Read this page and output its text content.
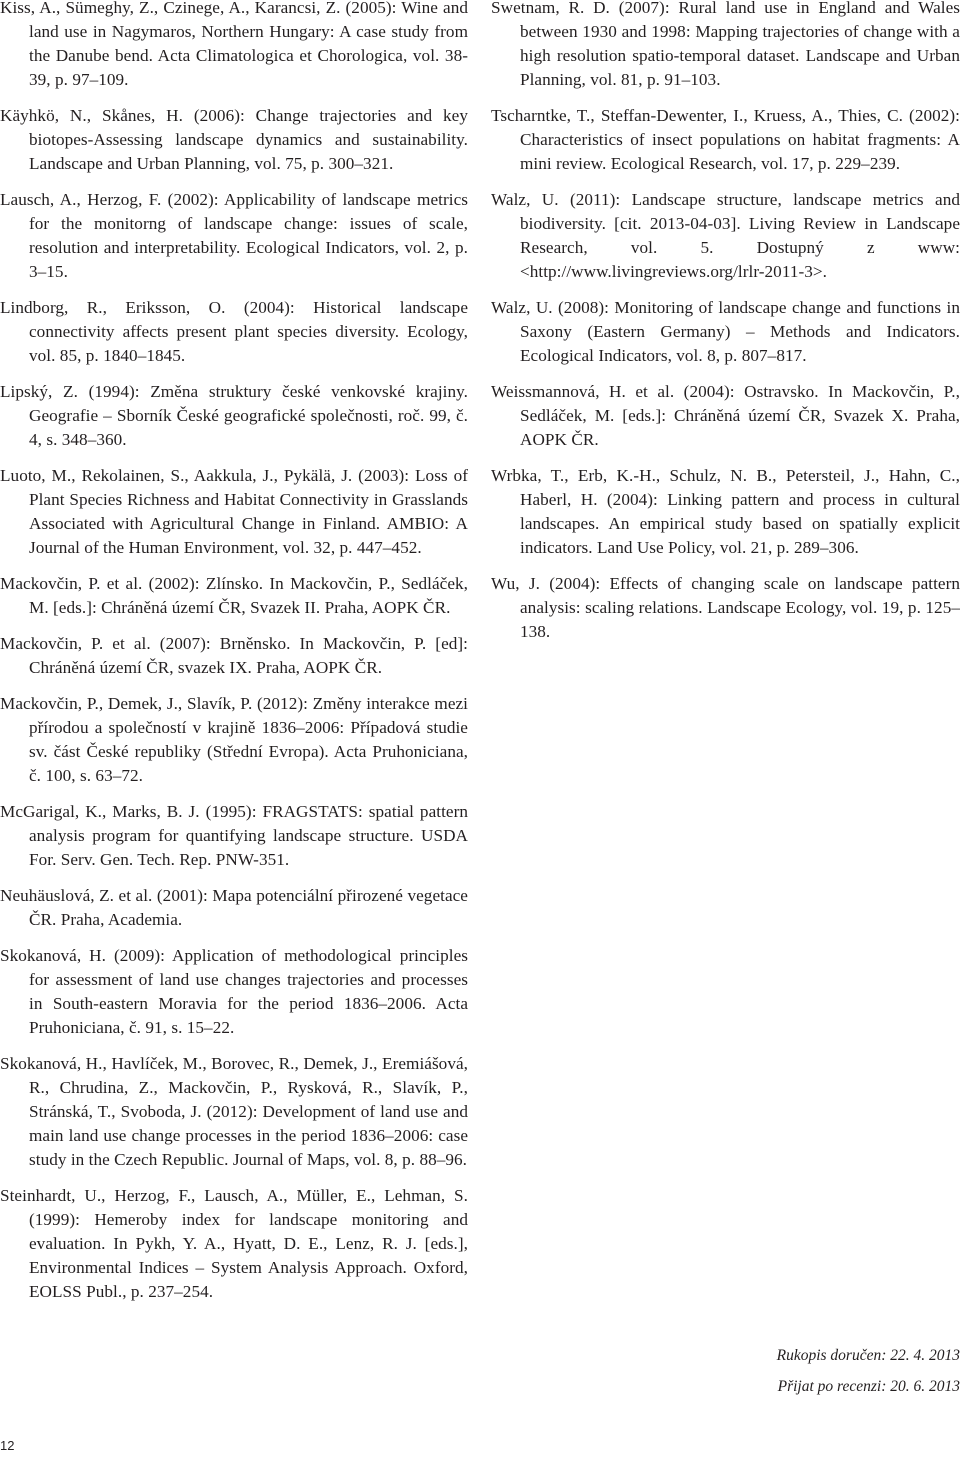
Kiss, A., Sümeghy, Z., Czinege, A., Karancsi, Z. (2005): Wine and land use in Nagymaros, Northern Hungary: A case study from the Danube bend. Acta Climatologica et Chorologica, vol. 38-39, p. 97–109.

Käyhkö, N., Skånes, H. (2006): Change trajectories and key biotopes-Assessing landscape dynamics and sustainability. Landscape and Urban Planning, vol. 75, p. 300–321.

Lausch, A., Herzog, F. (2002): Applicability of landscape metrics for the monitorng of landscape change: issues of scale, resolution and interpretability. Ecological Indicators, vol. 2, p. 3–15.

Lindborg, R., Eriksson, O. (2004): Historical landscape connectivity affects present plant species diversity. Ecology, vol. 85, p. 1840–1845.

Lipský, Z. (1994): Změna struktury české venkovské krajiny. Geografie – Sborník České geografické společnosti, roč. 99, č. 4, s. 348–360.

Luoto, M., Rekolainen, S., Aakkula, J., Pykälä, J. (2003): Loss of Plant Species Richness and Habitat Connectivity in Grasslands Associated with Agricultural Change in Finland. AMBIO: A Journal of the Human Environment, vol. 32, p. 447–452.

Mackovčin, P. et al. (2002): Zlínsko. In Mackovčin, P., Sedláček, M. [eds.]: Chráněná území ČR, Svazek II. Praha, AOPK ČR.

Mackovčin, P. et al. (2007): Brněnsko. In Mackovčin, P. [ed]: Chráněná území ČR, svazek IX. Praha, AOPK ČR.

Mackovčin, P., Demek, J., Slavík, P. (2012): Změny interakce mezi přírodou a společností v krajině 1836–2006: Případová studie sv. část České republiky (Střední Evropa). Acta Pruhoniciana, č. 100, s. 63–72.

McGarigal, K., Marks, B. J. (1995): FRAGSTATS: spatial pattern analysis program for quantifying landscape structure. USDA For. Serv. Gen. Tech. Rep. PNW-351.

Neuhäuslová, Z. et al. (2001): Mapa potenciální přirozené vegetace ČR. Praha, Academia.

Skokanová, H. (2009): Application of methodological principles for assessment of land use changes trajectories and processes in South-eastern Moravia for the period 1836–2006. Acta Pruhoniciana, č. 91, s. 15–22.

Skokanová, H., Havlíček, M., Borovec, R., Demek, J., Eremiášová, R., Chrudina, Z., Mackovčin, P., Rysková, R., Slavík, P., Stránská, T., Svoboda, J. (2012): Development of land use and main land use change processes in the period 1836–2006: case study in the Czech Republic. Journal of Maps, vol. 8, p. 88–96.

Steinhardt, U., Herzog, F., Lausch, A., Müller, E., Lehman, S. (1999): Hemeroby index for landscape monitoring and evaluation. In Pykh, Y. A., Hyatt, D. E., Lenz, R. J. [eds.], Environmental Indices – System Analysis Approach. Oxford, EOLSS Publ., p. 237–254.

Swetnam, R. D. (2007): Rural land use in England and Wales between 1930 and 1998: Mapping trajectories of change with a high resolution spatio-temporal dataset. Landscape and Urban Planning, vol. 81, p. 91–103.

Tscharntke, T., Steffan-Dewenter, I., Kruess, A., Thies, C. (2002): Characteristics of insect populations on habitat fragments: A mini review. Ecological Research, vol. 17, p. 229–239.

Walz, U. (2011): Landscape structure, landscape metrics and biodiversity. [cit. 2013-04-03]. Living Review in Landscape Research, vol. 5. Dostupný z www: <http://www.livingreviews.org/lrlr-2011-3>.

Walz, U. (2008): Monitoring of landscape change and functions in Saxony (Eastern Germany) – Methods and Indicators. Ecological Indicators, vol. 8, p. 807–817.

Weissmannová, H. et al. (2004): Ostravsko. In Mackovčin, P., Sedláček, M. [eds.]: Chráněná území ČR, Svazek X. Praha, AOPK ČR.

Wrbka, T., Erb, K.-H., Schulz, N. B., Petersteil, J., Hahn, C., Haberl, H. (2004): Linking pattern and process in cultural landscapes. An empirical study based on spatially explicit indicators. Land Use Policy, vol. 21, p. 289–306.

Wu, J. (2004): Effects of changing scale on landscape pattern analysis: scaling relations. Landscape Ecology, vol. 19, p. 125–138.

Rukopis doručen: 22. 4. 2013
Přijat po recenzi: 20. 6. 2013
12
